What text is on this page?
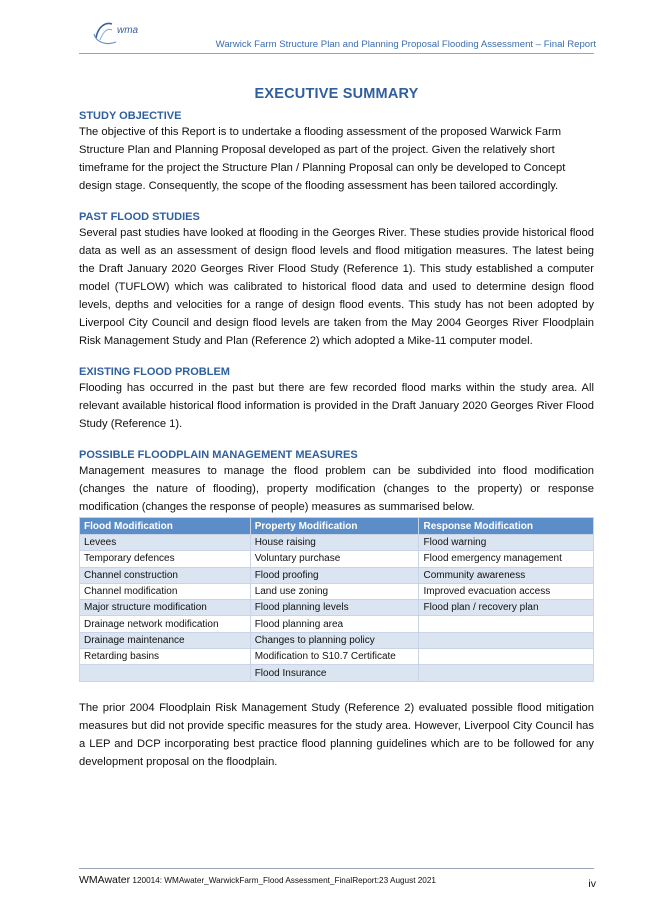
wma
Warwick Farm Structure Plan and Planning Proposal Flooding Assessment – Final Report
EXECUTIVE SUMMARY

STUDY OBJECTIVE

The objective of this Report is to undertake a flooding assessment of the proposed Warwick Farm Structure Plan and Planning Proposal developed as part of the project. Given the relatively short timeframe for the project the Structure Plan / Planning Proposal can only be developed to Concept design stage. Consequently, the scope of the flooding assessment has been tailored accordingly.

PAST FLOOD STUDIES

Several past studies have looked at flooding in the Georges River. These studies provide historical flood data as well as an assessment of design flood levels and flood mitigation measures. The latest being the Draft January 2020 Georges River Flood Study (Reference 1). This study established a computer model (TUFLOW) which was calibrated to historical flood data and used to determine design flood levels, depths and velocities for a range of design flood events. This study has not been adopted by Liverpool City Council and design flood levels are taken from the May 2004 Georges River Floodplain Risk Management Study and Plan (Reference 2) which adopted a Mike-11 computer model.

EXISTING FLOOD PROBLEM

Flooding has occurred in the past but there are few recorded flood marks within the study area. All relevant available historical flood information is provided in the Draft January 2020 Georges River Flood Study (Reference 1).

POSSIBLE FLOODPLAIN MANAGEMENT MEASURES

Management measures to manage the flood problem can be subdivided into flood modification (changes the nature of flooding), property modification (changes to the property) or response modification (changes the response of people) measures as summarised below.

Flood Modification	Property Modification	Response Modification
Levees	House raising	Flood warning
Temporary defences	Voluntary purchase	Flood emergency management
Channel construction	Flood proofing	Community awareness
Channel modification	Land use zoning	Improved evacuation access
Major structure modification	Flood planning levels	Flood plan / recovery plan
Drainage network modification	Flood planning area	
Drainage maintenance	Changes to planning policy	
Retarding basins	Modification to S10.7 Certificate	
	Flood Insurance	

The prior 2004 Floodplain Risk Management Study (Reference 2) evaluated possible flood mitigation measures but did not provide specific measures for the study area. However, Liverpool City Council has a LEP and DCP incorporating best practice flood planning guidelines which are to be followed for any development proposal on the floodplain.

WMAwater 120014: WMAwater_WarwickFarm_Flood Assessment_FinalReport:23 August 2021	iv
